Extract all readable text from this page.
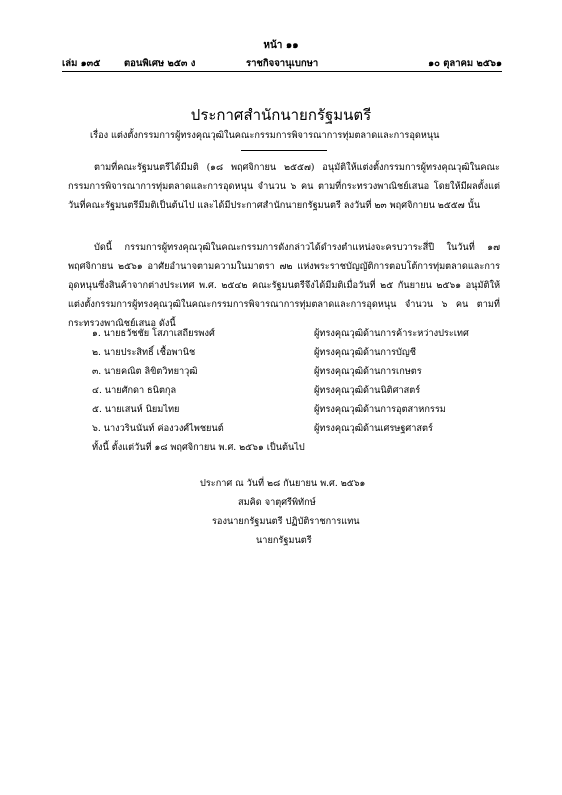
หน้า ๑๑
เล่ม ๑๓๕ ตอนพิเศษ ๒๕๓ ง	ราชกิจจานุเบกษา	๑๐ ตุลาคม ๒๕๖๑
ประกาศสำนักนายกรัฐมนตรี
เรื่อง แต่งตั้งกรรมการผู้ทรงคุณวุฒิในคณะกรรมการพิจารณาการทุ่มตลาดและการอุดหนุน

ตามที่คณะรัฐมนตรีได้มีมติ (๑๘ พฤศจิกายน ๒๕๕๗) อนุมัติให้แต่งตั้งกรรมการผู้ทรงคุณวุฒิในคณะกรรมการพิจารณาการทุ่มตลาดและการอุดหนุน จำนวน ๖ คน ตามที่กระทรวงพาณิชย์เสนอ โดยให้มีผลตั้งแต่วันที่คณะรัฐมนตรีมีมติเป็นต้นไป และได้มีประกาศสำนักนายกรัฐมนตรี ลงวันที่ ๒๓ พฤศจิกายน ๒๕๕๗ นั้น

บัดนี้ กรรมการผู้ทรงคุณวุฒิในคณะกรรมการดังกล่าวได้ดำรงตำแหน่งจะครบวาระสี่ปี ในวันที่ ๑๗ พฤศจิกายน ๒๕๖๑ อาศัยอำนาจตามความในมาตรา ๗๒ แห่งพระราชบัญญัติการตอบโต้การทุ่มตลาดและการอุดหนุนซึ่งสินค้าจากต่างประเทศ พ.ศ. ๒๕๔๒ คณะรัฐมนตรีจึงได้มีมติเมื่อวันที่ ๒๕ กันยายน ๒๕๖๑ อนุมัติให้แต่งตั้งกรรมการผู้ทรงคุณวุฒิในคณะกรรมการพิจารณาการทุ่มตลาดและการอุดหนุน จำนวน ๖ คน ตามที่กระทรวงพาณิชย์เสนอ ดังนี้

๑. นายธวัชชัย โสภาเสถียรพงศ์	ผู้ทรงคุณวุฒิด้านการค้าระหว่างประเทศ
๒. นายประสิทธิ์ เชื้อพานิช	ผู้ทรงคุณวุฒิด้านการบัญชี
๓. นายคณิต ลิขิตวิทยาวุฒิ	ผู้ทรงคุณวุฒิด้านการเกษตร
๔. นายศักดา ธนิตกุล	ผู้ทรงคุณวุฒิด้านนิติศาสตร์
๕. นายเสนห์ นิยมไทย	ผู้ทรงคุณวุฒิด้านการอุตสาหกรรม
๖. นางวรินนันท์ ค่องวงศ์ไพชยนต์	ผู้ทรงคุณวุฒิด้านเศรษฐศาสตร์
ทั้งนี้ ตั้งแต่วันที่ ๑๘ พฤศจิกายน พ.ศ. ๒๕๖๑ เป็นต้นไป
ประกาศ ณ วันที่ ๒๘ กันยายน พ.ศ. ๒๕๖๑
สมคิด จาตุศรีพิทักษ์
รองนายกรัฐมนตรี ปฏิบัติราชการแทน
นายกรัฐมนตรี
